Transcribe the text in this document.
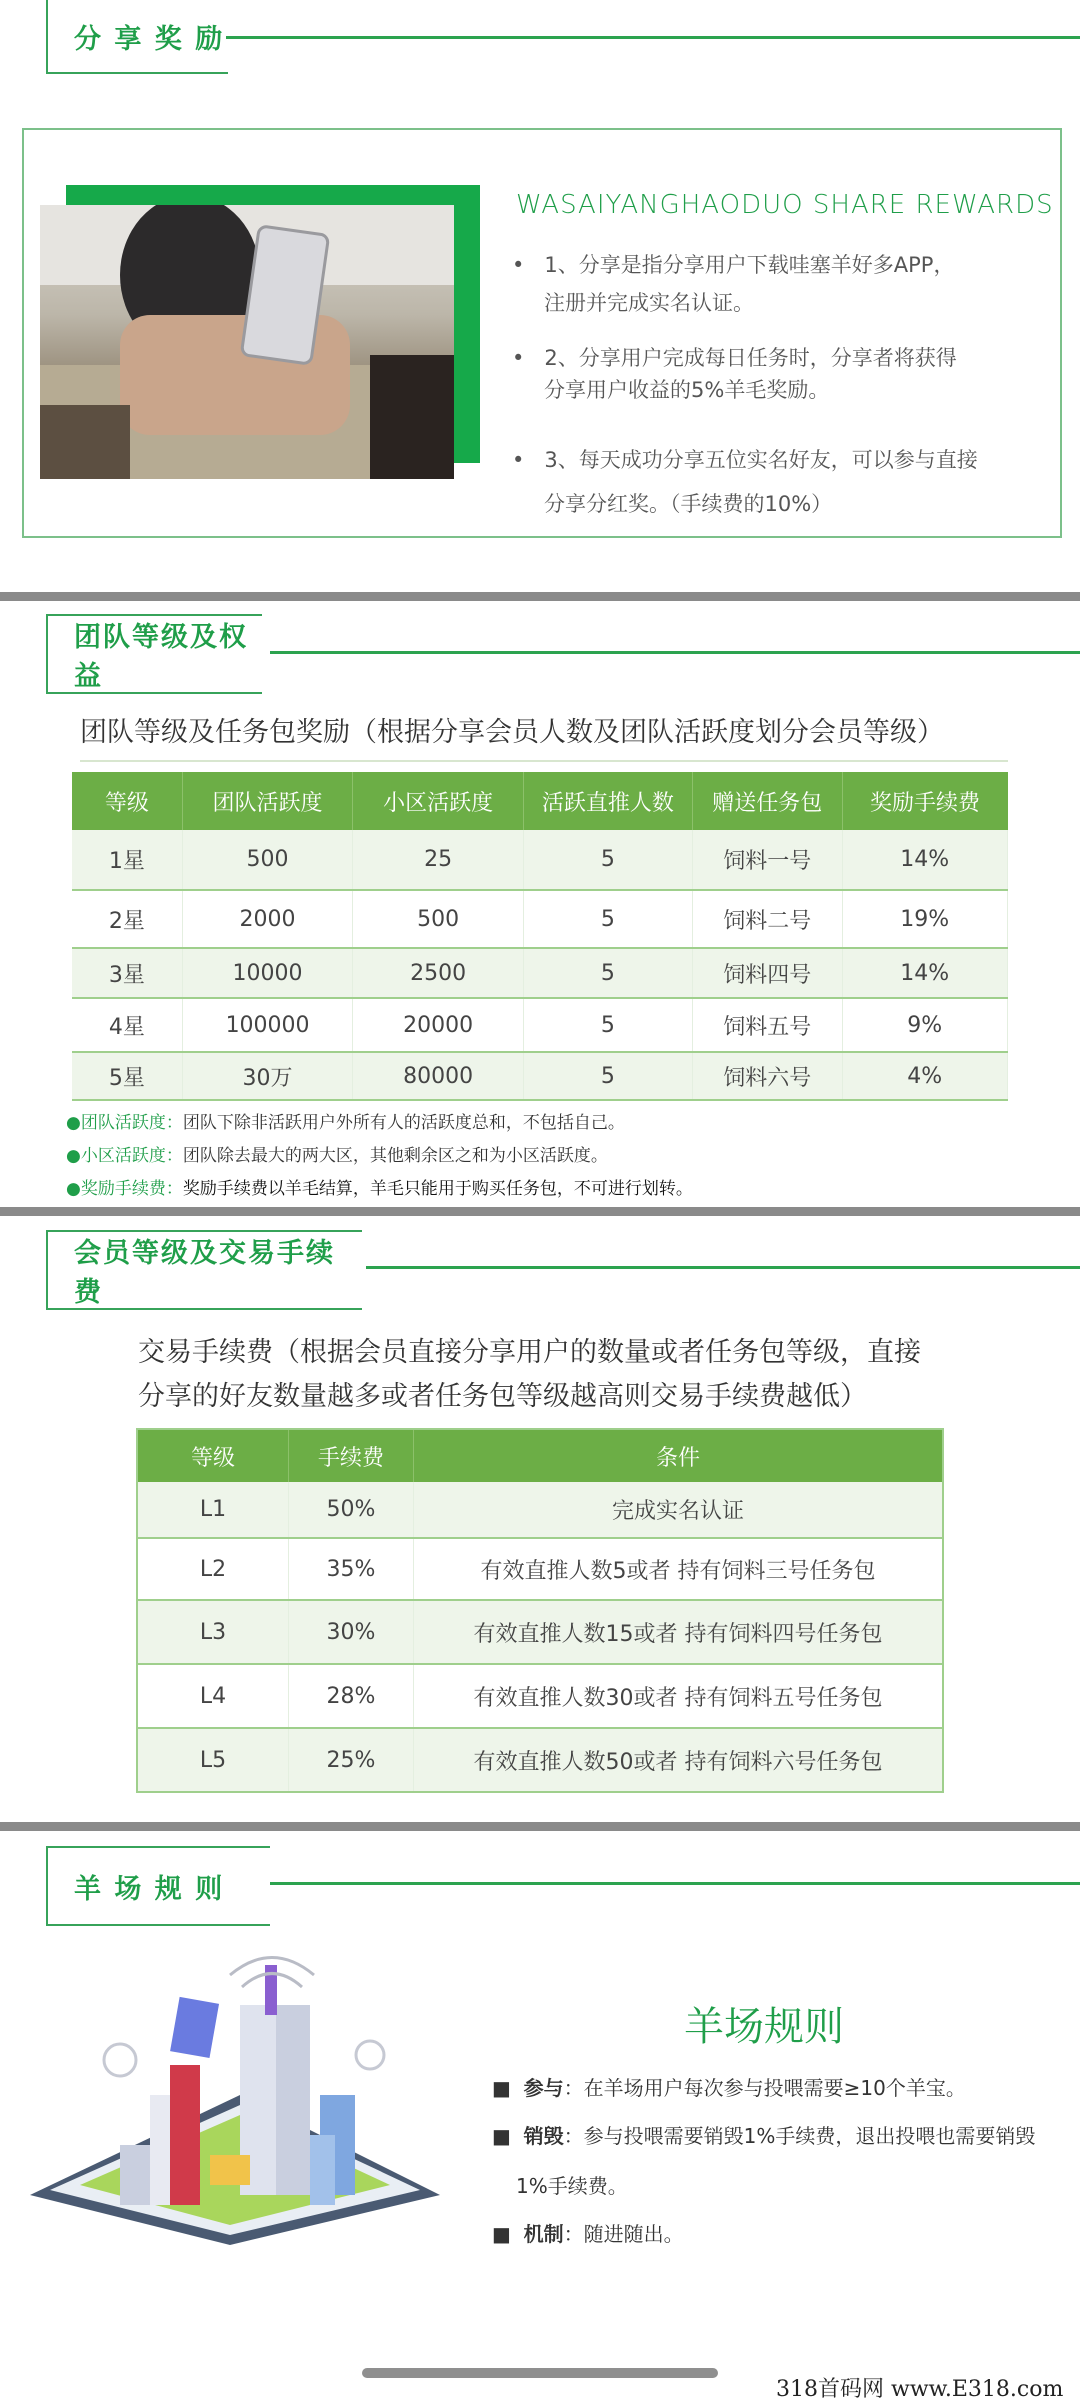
分 享 奖 励
WASAIYANGHAODUO SHARE REWARDS
•   1、分享是指分享用户下载哇塞羊好多APP，
注册并完成实名认证。
•   2、分享用户完成每日任务时，分享者将获得
分享用户收益的5%羊毛奖励。
•   3、每天成功分享五位实名好友，可以参与直接
分享分红奖。（手续费的10%）
团队等级及权益
团队等级及任务包奖励（根据分享会员人数及团队活跃度划分会员等级）
等级	团队活跃度	小区活跃度	活跃直推人数	赠送任务包	奖励手续费
1星	500	25	5	饲料一号	14%
2星	2000	500	5	饲料二号	19%
3星	10000	2500	5	饲料四号	14%
4星	100000	20000	5	饲料五号	9%
5星	30万	80000	5	饲料六号	4%
●团队活跃度：团队下除非活跃用户外所有人的活跃度总和，不包括自己。
●小区活跃度：团队除去最大的两大区，其他剩余区之和为小区活跃度。
●奖励手续费：奖励手续费以羊毛结算，羊毛只能用于购买任务包，不可进行划转。
会员等级及交易手续费
交易手续费（根据会员直接分享用户的数量或者任务包等级，直接
分享的好友数量越多或者任务包等级越高则交易手续费越低）
等级	手续费	条件
L1	50%	完成实名认证
L2	35%	有效直推人数5或者 持有饲料三号任务包
L3	30%	有效直推人数15或者 持有饲料四号任务包
L4	28%	有效直推人数30或者 持有饲料五号任务包
L5	25%	有效直推人数50或者 持有饲料六号任务包
羊 场 规 则
羊场规则
■  参与：在羊场用户每次参与投喂需要≥10个羊宝。
■  销毁：参与投喂需要销毁1%手续费，退出投喂也需要销毁
1%手续费。
■  机制：随进随出。
318首码网 www.E318.com
